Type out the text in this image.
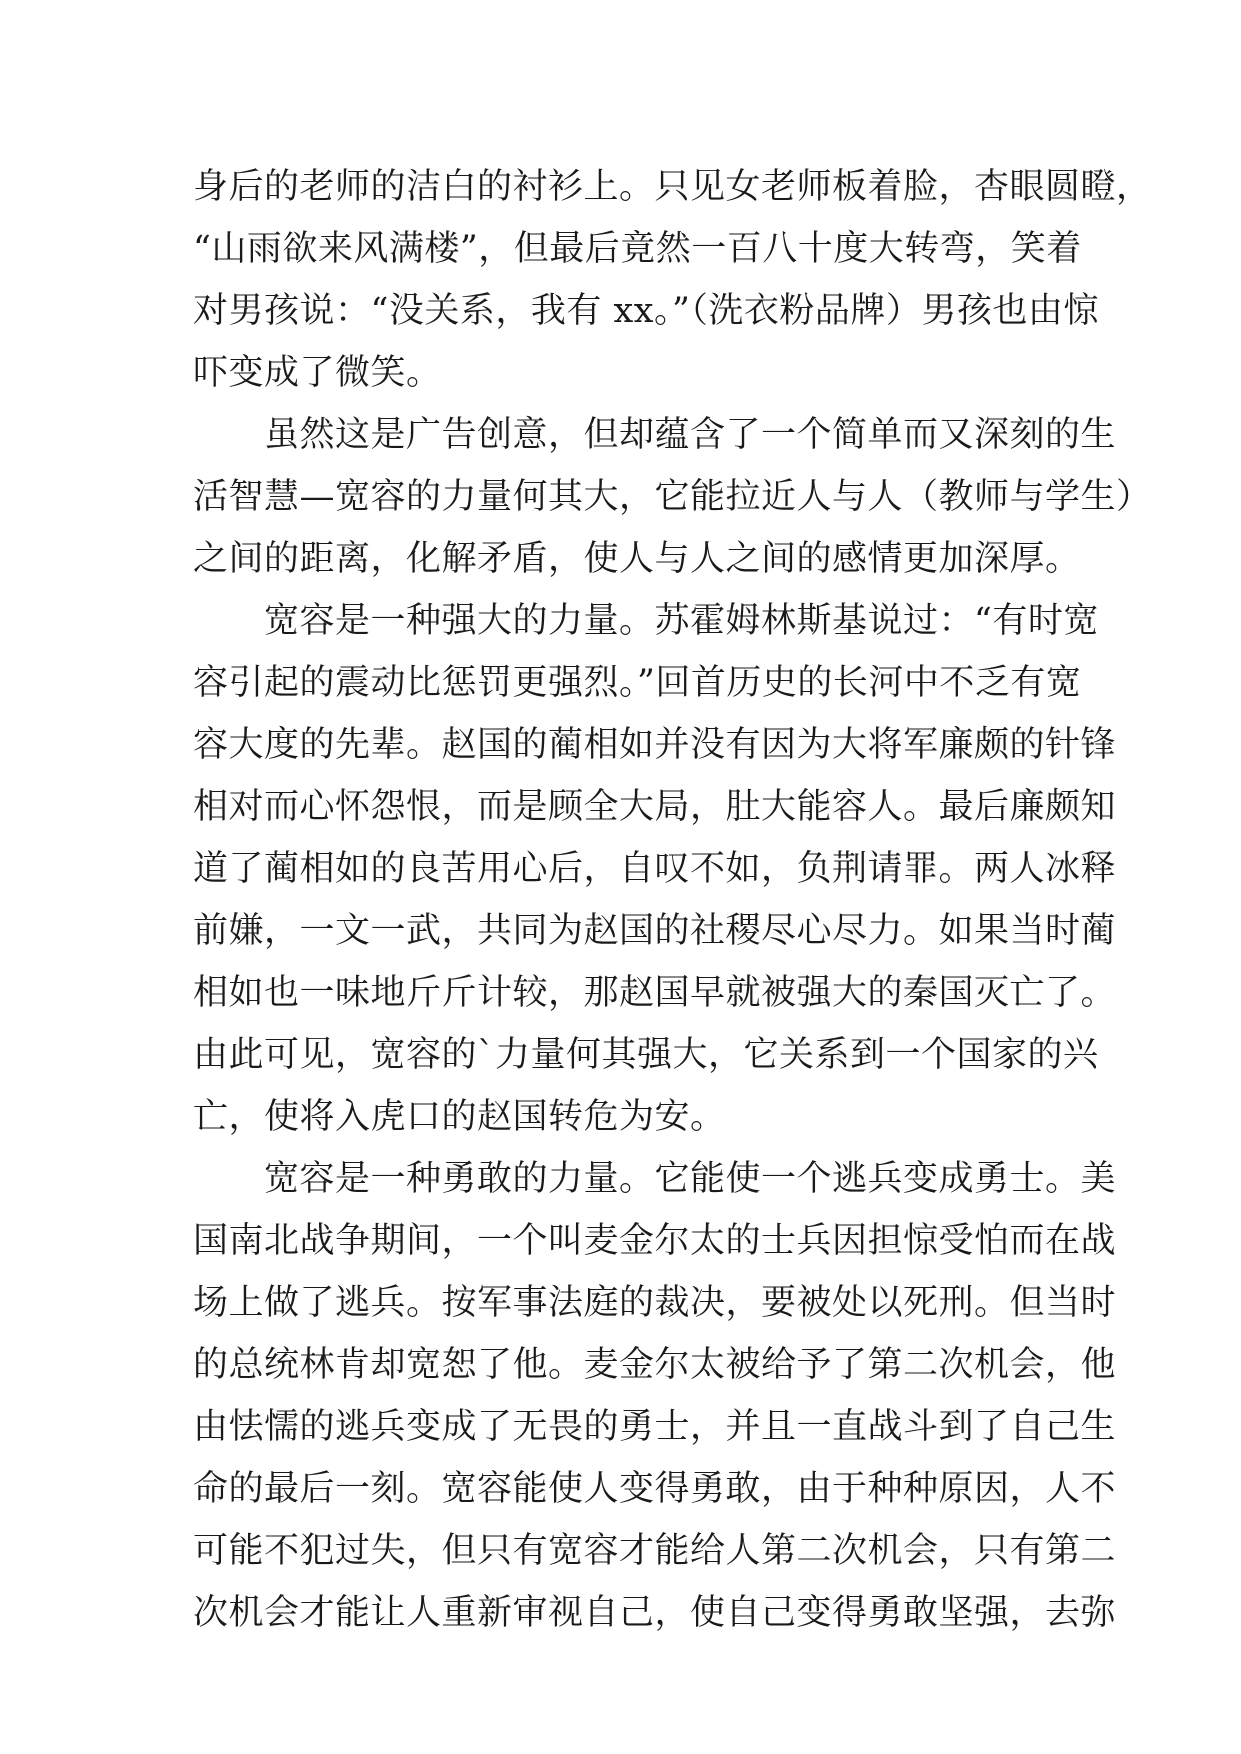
身后的老师的洁白的衬衫上。只见女老师板着脸，杏眼圆瞪，
“山雨欲来风满楼”，但最后竟然一百八十度大转弯，笑着
对男孩说：“没关系，我有 xx。”（洗衣粉品牌）男孩也由惊
吓变成了微笑。
　　虽然这是广告创意，但却蕴含了一个简单而又深刻的生
活智慧—宽容的力量何其大，它能拉近人与人（教师与学生）
之间的距离，化解矛盾，使人与人之间的感情更加深厚。
　　宽容是一种强大的力量。苏霍姆林斯基说过：“有时宽
容引起的震动比惩罚更强烈。”回首历史的长河中不乏有宽
容大度的先辈。赵国的蔺相如并没有因为大将军廉颇的针锋
相对而心怀怨恨，而是顾全大局，肚大能容人。最后廉颇知
道了蔺相如的良苦用心后，自叹不如，负荆请罪。两人冰释
前嫌，一文一武，共同为赵国的社稷尽心尽力。如果当时蔺
相如也一味地斤斤计较，那赵国早就被强大的秦国灭亡了。
由此可见，宽容的`力量何其强大，它关系到一个国家的兴
亡，使将入虎口的赵国转危为安。
　　宽容是一种勇敢的力量。它能使一个逃兵变成勇士。美
国南北战争期间，一个叫麦金尔太的士兵因担惊受怕而在战
场上做了逃兵。按军事法庭的裁决，要被处以死刑。但当时
的总统林肯却宽恕了他。麦金尔太被给予了第二次机会，他
由怯懦的逃兵变成了无畏的勇士，并且一直战斗到了自己生
命的最后一刻。宽容能使人变得勇敢，由于种种原因，人不
可能不犯过失，但只有宽容才能给人第二次机会，只有第二
次机会才能让人重新审视自己，使自己变得勇敢坚强，去弥
